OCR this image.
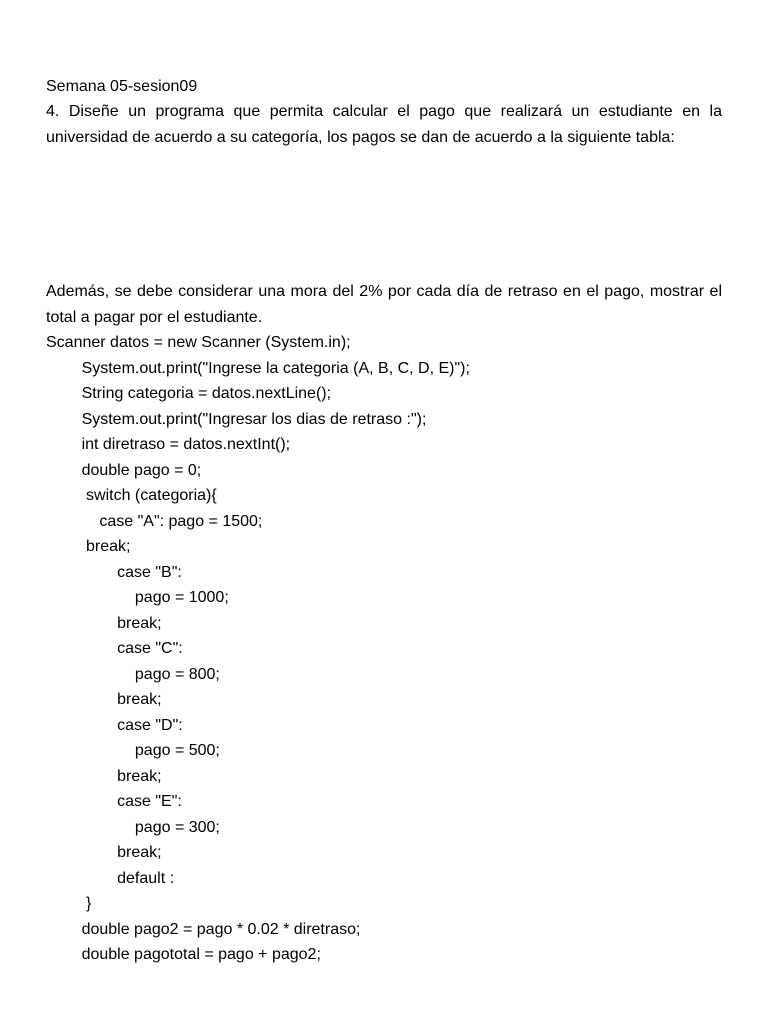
Semana 05-sesion09

4. Diseñe un programa que permita calcular el pago que realizará un estudiante en la universidad de acuerdo a su categoría, los pagos se dan de acuerdo a la siguiente tabla:

Además, se debe considerar una mora del 2% por cada día de retraso en el pago, mostrar el total a pagar por el estudiante.

Scanner datos = new Scanner (System.in);
System.out.print("Ingrese la categoria (A, B, C, D, E)");
String categoria = datos.nextLine();
System.out.print("Ingresar los dias de retraso :");
int diretraso = datos.nextInt();
double pago = 0;
switch (categoria){
case "A": pago = 1500;
break;
case "B":
pago = 1000;
break;
case "C":
pago = 800;
break;
case "D":
pago = 500;
break;
case "E":
pago = 300;
break;
default :
}
double pago2 = pago * 0.02 * diretraso;
double pagototal = pago + pago2;
